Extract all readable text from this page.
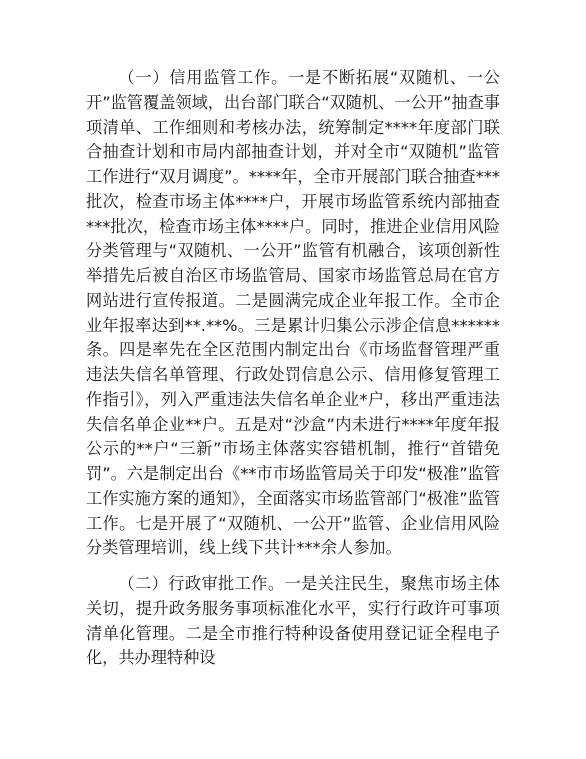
（一）信用监管工作。一是不断拓展“双随机、一公开”监管覆盖领域，出台部门联合“双随机、一公开”抽查事项清单、工作细则和考核办法，统筹制定****年度部门联合抽查计划和市局内部抽查计划，并对全市“双随机”监管工作进行“双月调度”。****年，全市开展部门联合抽查***批次，检查市场主体****户，开展市场监管系统内部抽查***批次，检查市场主体****户。同时，推进企业信用风险分类管理与“双随机、一公开”监管有机融合，该项创新性举措先后被自治区市场监管局、国家市场监管总局在官方网站进行宣传报道。二是圆满完成企业年报工作。全市企业年报率达到**.**%。三是累计归集公示涉企信息******条。四是率先在全区范围内制定出台《市场监督管理严重违法失信名单管理、行政处罚信息公示、信用修复管理工作指引》，列入严重违法失信名单企业*户，移出严重违法失信名单企业**户。五是对“沙盒”内未进行****年度年报公示的**户“三新”市场主体落实容错机制，推行“首错免罚”。六是制定出台《**市市场监管局关于印发“极准”监管工作实施方案的通知》，全面落实市场监管部门“极准”监管工作。七是开展了“双随机、一公开”监管、企业信用风险分类管理培训，线上线下共计***余人参加。

（二）行政审批工作。一是关注民生，聚焦市场主体关切，提升政务服务事项标准化水平，实行行政许可事项清单化管理。二是全市推行特种设备使用登记证全程电子化，共办理特种设
